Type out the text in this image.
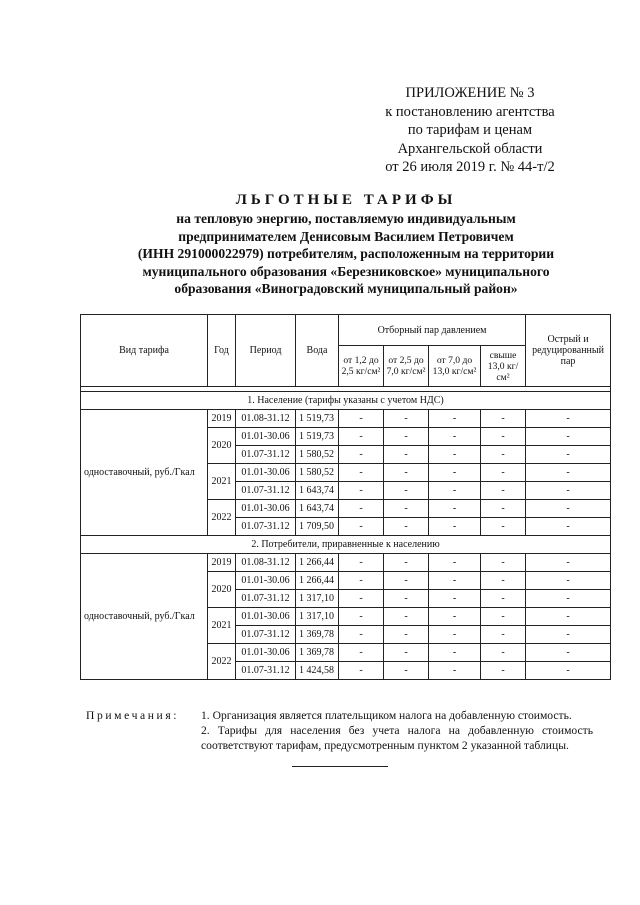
ПРИЛОЖЕНИЕ № 3
к постановлению агентства
по тарифам и ценам
Архангельской области
от 26 июля 2019 г. № 44-т/2
ЛЬГОТНЫЕ ТАРИФЫ
на тепловую энергию, поставляемую индивидуальным
предпринимателем Денисовым Василием Петровичем
(ИНН 291000022979) потребителям, расположенным на территории
муниципального образования «Березниковское» муниципального
образования «Виноградовский муниципальный район»
Вид тарифа	Год	Период	Вода	Отборный пар давлением				Острый и редуцированный пар
				от 1,2 до 2,5 кг/см²	от 2,5 до 7,0 кг/см²	от 7,0 до 13,0 кг/см²	свыше 13,0 кг/см²	

1. Население (тарифы указаны с учетом НДС)								
одноставочный, руб./Гкал	2019	01.08-31.12	1 519,73	-	-	-	-	-
	2020	01.01-30.06	1 519,73	-	-	-	-	-
		01.07-31.12	1 580,52	-	-	-	-	-
	2021	01.01-30.06	1 580,52	-	-	-	-	-
		01.07-31.12	1 643,74	-	-	-	-	-
	2022	01.01-30.06	1 643,74	-	-	-	-	-
		01.07-31.12	1 709,50	-	-	-	-	-
2. Потребители, приравненные к населению								
одноставочный, руб./Гкал	2019	01.08-31.12	1 266,44	-	-	-	-	-
	2020	01.01-30.06	1 266,44	-	-	-	-	-
		01.07-31.12	1 317,10	-	-	-	-	-
	2021	01.01-30.06	1 317,10	-	-	-	-	-
		01.07-31.12	1 369,78	-	-	-	-	-
	2022	01.01-30.06	1 369,78	-	-	-	-	-
		01.07-31.12	1 424,58	-	-	-	-	-
Примечания: 1. Организация является плательщиком налога на добавленную стоимость.
2. Тарифы для населения без учета налога на добавленную стоимость соответствуют тарифам, предусмотренным пунктом 2 указанной таблицы.
